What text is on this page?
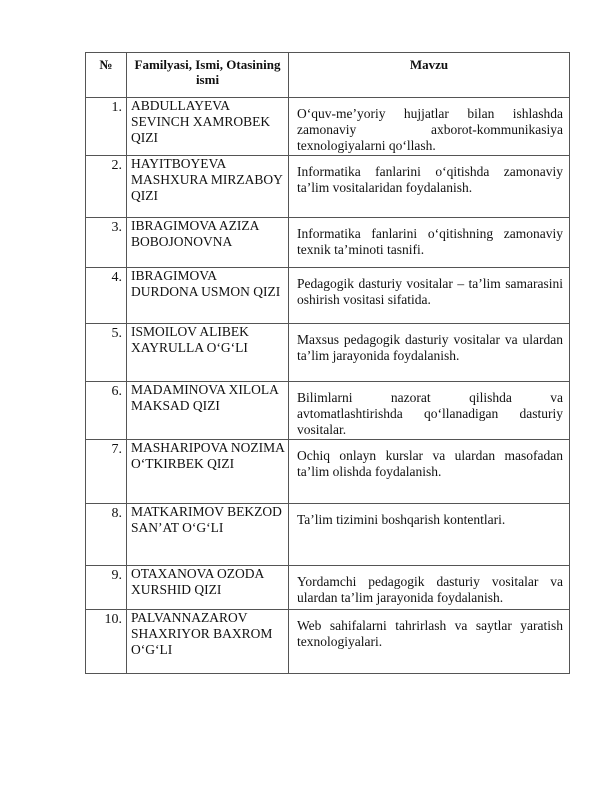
№	Familyasi, Ismi, Otasining ismi	Mavzu
1.	ABDULLAYEVA SEVINCH XAMROBEK QIZI	O‘quv-me’yoriy hujjatlar bilan ishlashda zamonaviy axborot-kommunikasiya texnologiyalarni qo‘llash.
2.	HAYITBOYEVA MASHXURA MIRZABOY QIZI	Informatika fanlarini o‘qitishda zamonaviy ta’lim vositalaridan foydalanish.
3.	IBRAGIMOVA AZIZA BOBOJONOVNA	Informatika fanlarini o‘qitishning zamonaviy texnik ta’minoti tasnifi.
4.	IBRAGIMOVA DURDONA USMON QIZI	Pedagogik dasturiy vositalar – ta’lim samarasini oshirish vositasi sifatida.
5.	ISMOILOV ALIBEK XAYRULLA O‘G‘LI	Maxsus pedagogik dasturiy vositalar va ulardan ta’lim jarayonida foydalanish.
6.	MADAMINOVA XILOLA MAKSAD QIZI	Bilimlarni nazorat qilishda va avtomatlashtirishda qo‘llanadigan dasturiy vositalar.
7.	MASHARIPOVA NOZIMA O‘TKIRBEK QIZI	Ochiq onlayn kurslar va ulardan masofadan ta’lim olishda foydalanish.
8.	MATKARIMOV BEKZOD SAN’AT O‘G‘LI	Ta’lim tizimini boshqarish kontentlari.
9.	OTAXANOVA OZODA XURSHID QIZI	Yordamchi pedagogik dasturiy vositalar va ulardan ta’lim jarayonida foydalanish.
10.	PALVANNAZAROV SHAXRIYOR BAXROM O‘G‘LI	Web sahifalarni tahrirlash va saytlar yaratish texnologiyalari.
